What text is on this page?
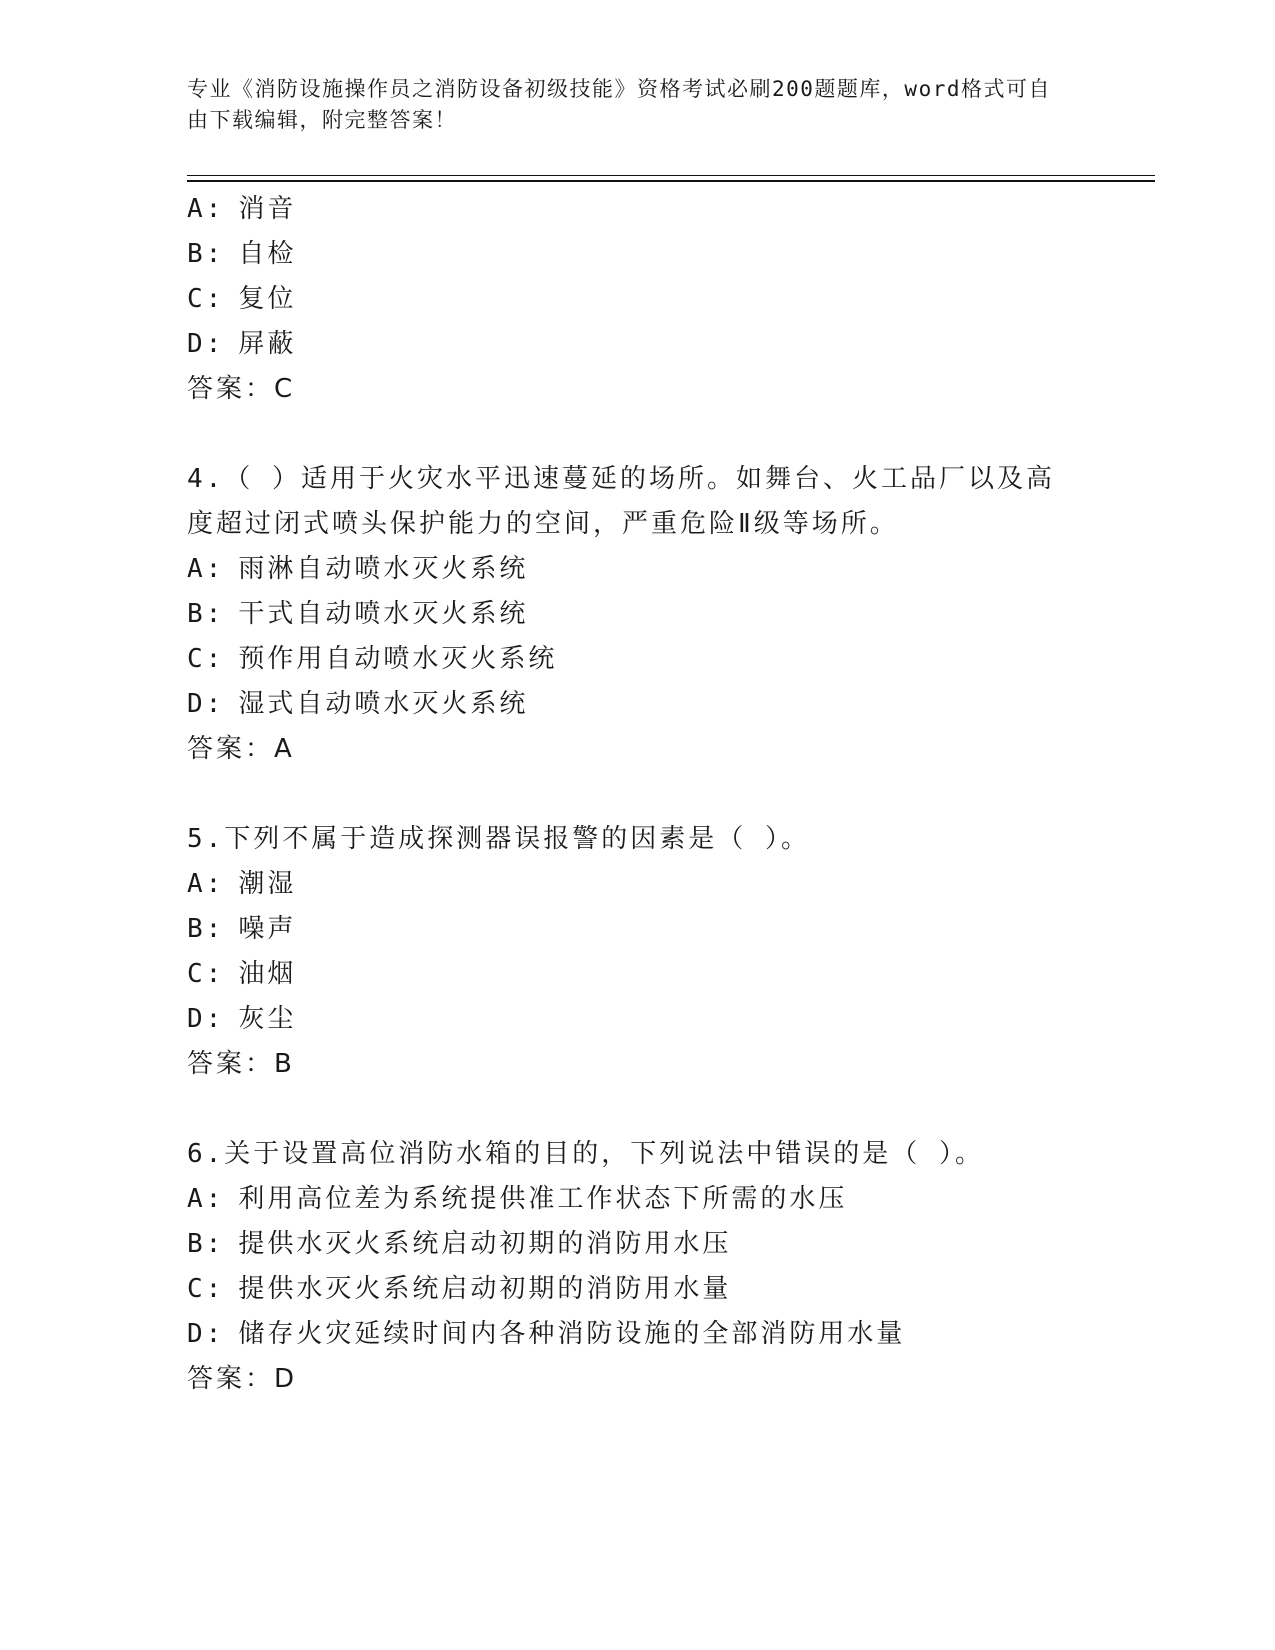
专业《消防设施操作员之消防设备初级技能》资格考试必刷200题题库，word格式可自由下载编辑，附完整答案！
A: 消音
B: 自检
C: 复位
D: 屏蔽
答案：C
4.（ ）适用于火灾水平迅速蔓延的场所。如舞台、火工品厂以及高
度超过闭式喷头保护能力的空间，严重危险Ⅱ级等场所。
A: 雨淋自动喷水灭火系统
B: 干式自动喷水灭火系统
C: 预作用自动喷水灭火系统
D: 湿式自动喷水灭火系统
答案：A
5.下列不属于造成探测器误报警的因素是（ ）。
A: 潮湿
B: 噪声
C: 油烟
D: 灰尘
答案：B
6.关于设置高位消防水箱的目的，下列说法中错误的是（ ）。
A: 利用高位差为系统提供准工作状态下所需的水压
B: 提供水灭火系统启动初期的消防用水压
C: 提供水灭火系统启动初期的消防用水量
D: 储存火灾延续时间内各种消防设施的全部消防用水量
答案：D
